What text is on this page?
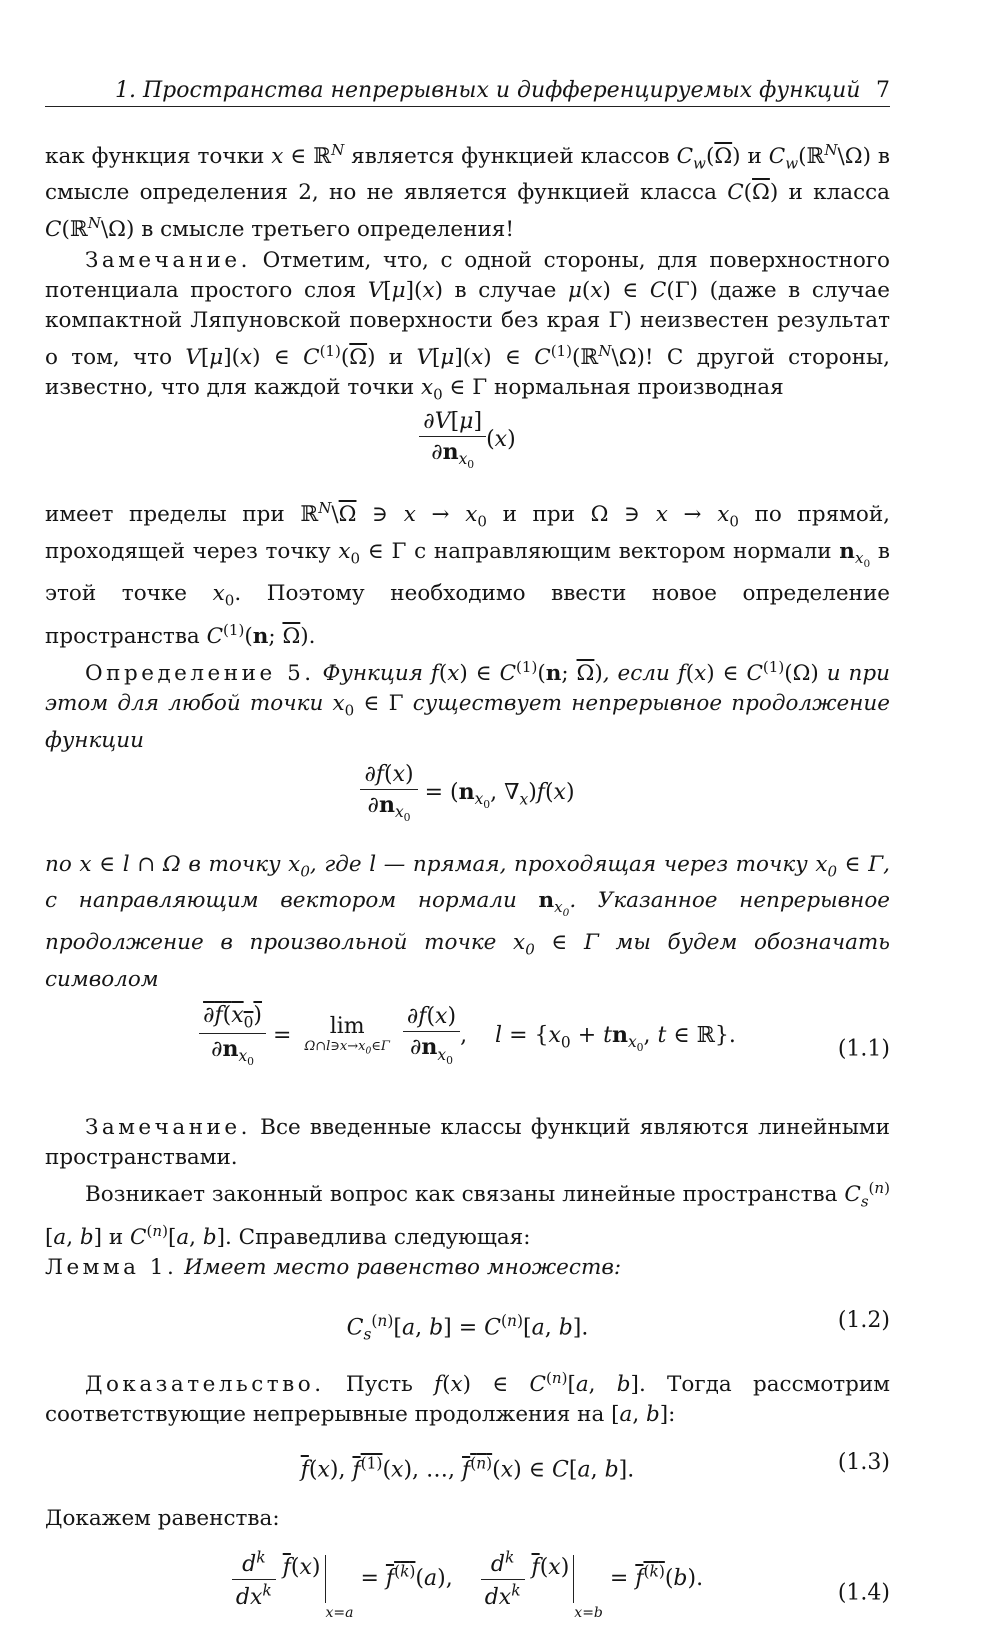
1. Пространства непрерывных и дифференцируемых функций 7

как функция точки x ∈ ℝ$^N$ является функцией классов $C_w(\overline{\Omega})$ и $C_w(ℝ^N\backslash\Omega)$ в смысле определения 2, но не является функцией класса $C(\overline{\Omega})$ и класса C(ℝ$^N$\Ω) в смысле третьего определения!

Замечание. Отметим, что, с одной стороны, для поверхностного потенциала простого слоя V[μ](x) в случае μ(x) ∈ C(Γ) (даже в случае компактной Ляпуновской поверхности без края Γ) неизвестен результат о том, что V[μ](x) ∈ $C^{(1)}(\overline{\Omega})$ и V[μ](x) ∈ $C^{(1)}(ℝ^N\backslash\Omega)$! С другой стороны, известно, что для каждой точки $x_0$ ∈ Γ нормальная производная

$\frac{\partial V[\mu]}{\partial n_{x_0}} (x)$

имеет пределы при $ℝ^N\backslash\overline{\Omega}$ ∋ $x \to x_0$ и при Ω ∋ $x \to x_0$ по прямой, проходящей через точку $x_0$ ∈ Γ с направляющим вектором нормали $n_{x_0}$ в этой точке $x_0$. Поэтому необходимо ввести новое определение пространства $C^{(1)}(n$; $\overline{\Omega}$).

Определение 5. Функция f(x) ∈ $C^{(1)}(n$; $\overline{\Omega}$), если f(x) ∈ $C^{(1)}(\Omega)$ и при этом для любой точки $x_0$ ∈ Γ существует непрерывное продолжение функции

$\frac{\partial f(x)}{\partial n_{x_0}} = (n_{x_0}$, $\nabla_x)f(x)$

по x ∈ l ∩ Ω в точку $x_0$, где l — прямая, проходящая через точку $x_0$ ∈ Γ, с направляющим вектором нормали $n_{x_0}$. Указанное непрерывное продолжение в произвольной точке $x_0$ ∈ Γ мы будем обозначать символом

$\frac{\partial f(x_0)}{\partial n_{x_0}}$ =	lim
$\Omega\cap l∋x\to x_0\in\Gamma$
$\frac{\partial f(x)}{\partial n_{x_0}}$ ,    $l = \{x_0 + tn_{x_0}$, t ∈ ℝ}.
(1.1)

Замечание. Все введенные классы функций являются линейными пространствами.

Возникает законный вопрос как связаны линейные пространства $C_s^{(n)}[a$, b] и $C^{(n)}[a$, b]. Справедлива следующая:

Лемма 1. Имеет место равенство множеств:

$C_s^{(n)}[a$, $b] = C^{(n)}[a$, b].	(1.2)

Доказательство. Пусть f(x) ∈ $C^{(n)}[a$, b]. Тогда рассмотрим соответствующие непрерывные продолжения на [a, b]:

$\overline{f}(x)$, $f^{(1)}(x)$, …, $f^{(n)}(x)$ ∈ C[a, b].	(1.3)

Докажем равенства:

$\frac{d^k}{dx^k} \overline{f}(x)x=a = f^{(k)}(a)$, $\frac{d^k}{dx^k} \overline{f}(x)x=b = f^{(k)}(b)$.
(1.4)
